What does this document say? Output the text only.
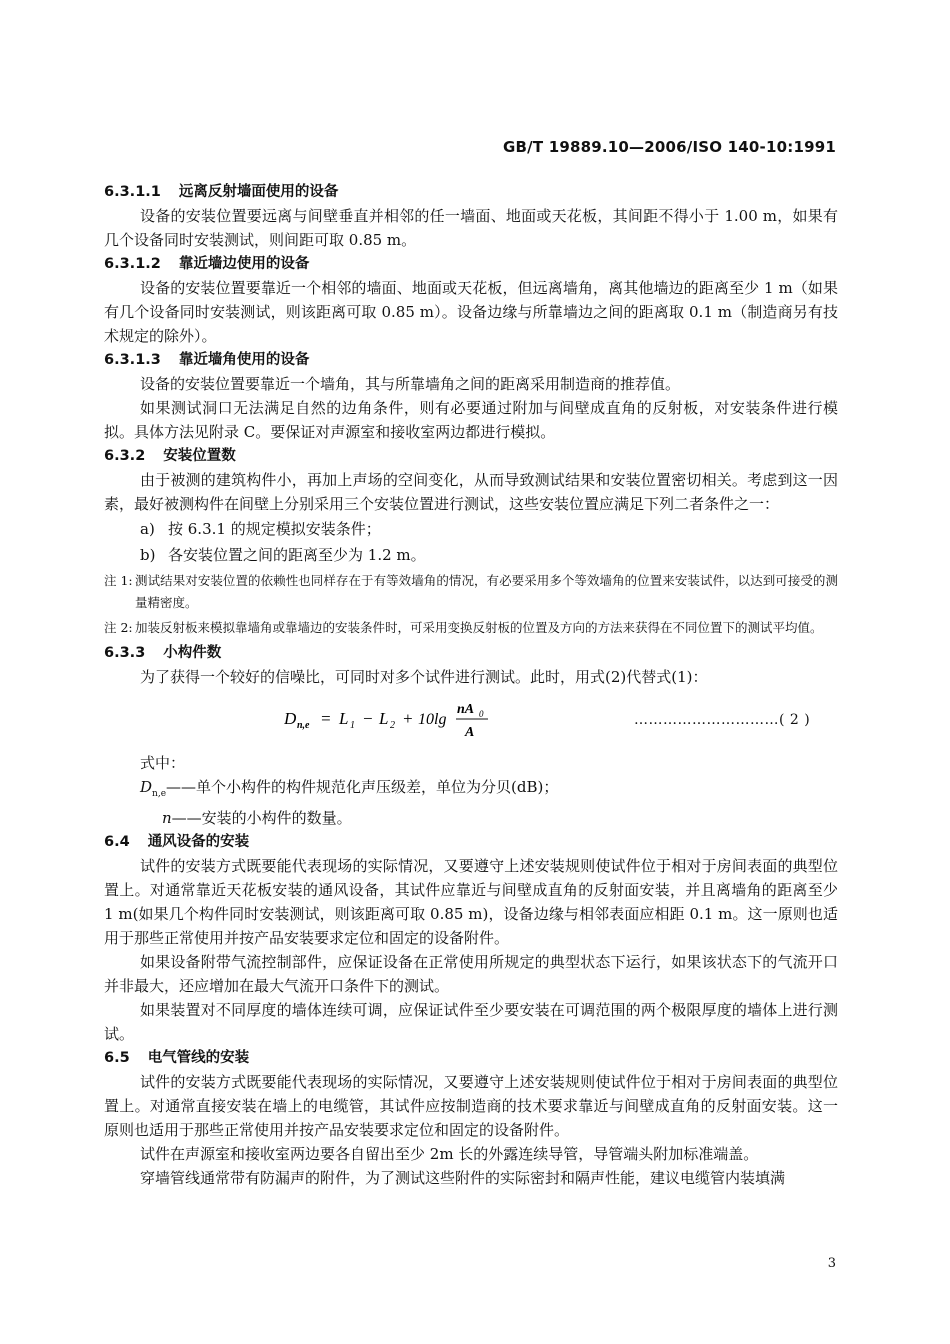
GB/T 19889.10—2006/ISO 140-10:1991
6.3.1.1 远离反射墙面使用的设备

设备的安装位置要远离与间壁垂直并相邻的任一墙面、地面或天花板，其间距不得小于 1.00 m，如果有几个设备同时安装测试，则间距可取 0.85 m。

6.3.1.2 靠近墙边使用的设备

设备的安装位置要靠近一个相邻的墙面、地面或天花板，但远离墙角，离其他墙边的距离至少 1 m（如果有几个设备同时安装测试，则该距离可取 0.85 m）。设备边缘与所靠墙边之间的距离取 0.1 m（制造商另有技术规定的除外）。

6.3.1.3 靠近墙角使用的设备

设备的安装位置要靠近一个墙角，其与所靠墙角之间的距离采用制造商的推荐值。

如果测试洞口无法满足自然的边角条件，则有必要通过附加与间壁成直角的反射板，对安装条件进行模拟。具体方法见附录 C。要保证对声源室和接收室两边都进行模拟。

6.3.2 安装位置数

由于被测的建筑构件小，再加上声场的空间变化，从而导致测试结果和安装位置密切相关。考虑到这一因素，最好被测构件在间壁上分别采用三个安装位置进行测试，这些安装位置应满足下列二者条件之一：

a) 按 6.3.1 的规定模拟安装条件；
b) 各安装位置之间的距离至少为 1.2 m。
注 1: 测试结果对安装位置的依赖性也同样存在于有等效墙角的情况，有必要采用多个等效墙角的位置来安装试件，以达到可接受的测量精密度。
注 2: 加装反射板来模拟靠墙角或靠墙边的安装条件时，可采用变换反射板的位置及方向的方法来获得在不同位置下的测试平均值。
6.3.3 小构件数

为了获得一个较好的信噪比，可同时对多个试件进行测试。此时，用式(2)代替式(1)：

D n,e = L 1 − L 2 + 10lg
nA 0
A
…………………………( 2 )
式中：
$D_{n,e}——$单个小构件的构件规范化声压级差，单位为分贝(dB)；
n——安装的小构件的数量。
6.4 通风设备的安装

试件的安装方式既要能代表现场的实际情况，又要遵守上述安装规则使试件位于相对于房间表面的典型位置上。对通常靠近天花板安装的通风设备，其试件应靠近与间壁成直角的反射面安装，并且离墙角的距离至少 1 m(如果几个构件同时安装测试，则该距离可取 0.85 m)，设备边缘与相邻表面应相距 0.1 m。这一原则也适用于那些正常使用并按产品安装要求定位和固定的设备附件。

如果设备附带气流控制部件，应保证设备在正常使用所规定的典型状态下运行，如果该状态下的气流开口并非最大，还应增加在最大气流开口条件下的测试。

如果装置对不同厚度的墙体连续可调，应保证试件至少要安装在可调范围的两个极限厚度的墙体上进行测试。

6.5 电气管线的安装

试件的安装方式既要能代表现场的实际情况，又要遵守上述安装规则使试件位于相对于房间表面的典型位置上。对通常直接安装在墙上的电缆管，其试件应按制造商的技术要求靠近与间壁成直角的反射面安装。这一原则也适用于那些正常使用并按产品安装要求定位和固定的设备附件。

试件在声源室和接收室两边要各自留出至少 2m 长的外露连续导管，导管端头附加标准端盖。

穿墙管线通常带有防漏声的附件，为了测试这些附件的实际密封和隔声性能，建议电缆管内装填满

3
